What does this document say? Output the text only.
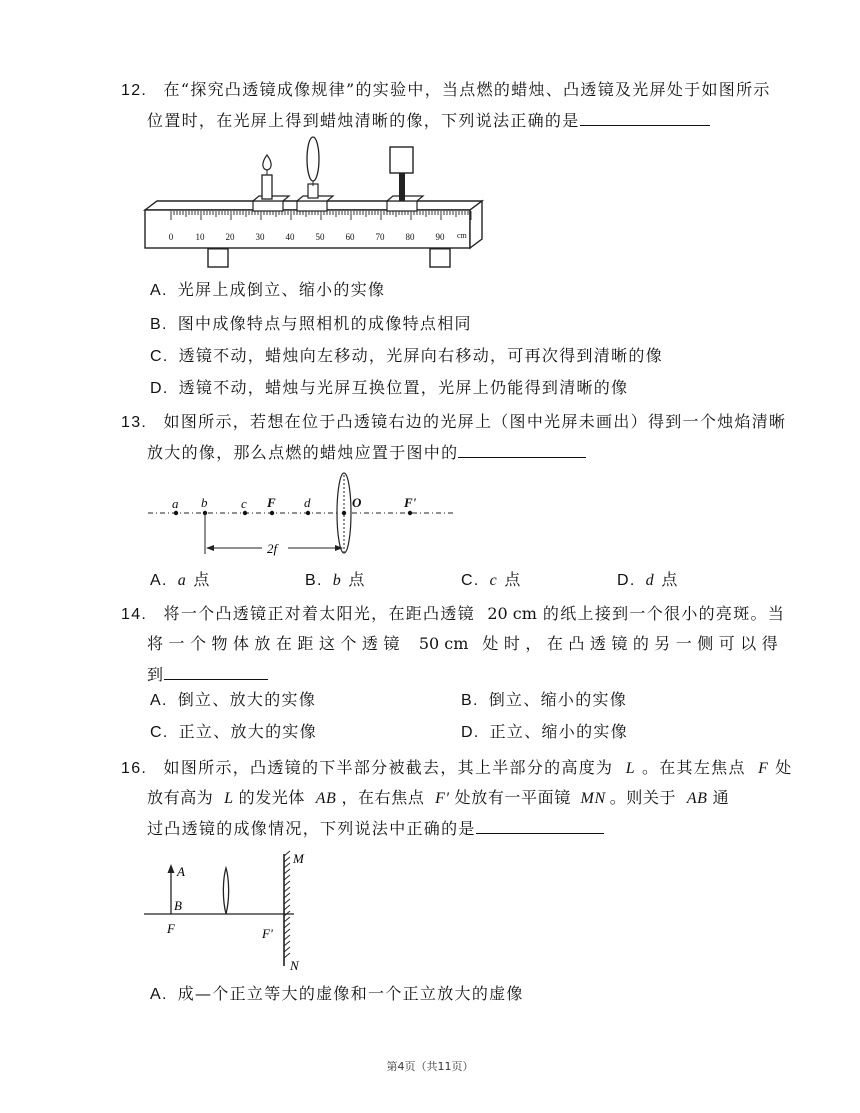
12. 在“探究凸透镜成像规律”的实验中，当点燃的蜡烛、凸透镜及光屏处于如图所示
位置时，在光屏上得到蜡烛清晰的像，下列说法正确的是
0 10 20 30 40 50 60 70 80 90 cm
A. 光屏上成倒立、缩小的实像
B. 图中成像特点与照相机的成像特点相同
C. 透镜不动，蜡烛向左移动，光屏向右移动，可再次得到清晰的像
D. 透镜不动，蜡烛与光屏互换位置，光屏上仍能得到清晰的像
13. 如图所示，若想在位于凸透镜右边的光屏上（图中光屏未画出）得到一个烛焰清晰
放大的像，那么点燃的蜡烛应置于图中的
a b	c F d	O	F'
2f
A. a 点	B. b 点	C. c 点	D. d 点
14. 将一个凸透镜正对着太阳光，在距凸透镜 20 cm 的纸上接到一个很小的亮斑。当
将 一 个 物 体 放 在 距 这 个 透 镜 50 cm 处 时 ， 在 凸 透 镜 的 另 一 侧 可 以 得
到
A. 倒立、放大的实像	B. 倒立、缩小的实像
C. 正立、放大的实像	D. 正立、缩小的实像
16. 如图所示，凸透镜的下半部分被截去，其上半部分的高度为 L 。在其左焦点 F 处
放有高为 L 的发光体 AB ，在右焦点 F′ 处放有一平面镜 MN 。则关于 AB 通
过凸透镜的成像情况，下列说法中正确的是
A
B
F
M
N
F'
A. 成—个正立等大的虚像和一个正立放大的虚像
第4页（共11页）
